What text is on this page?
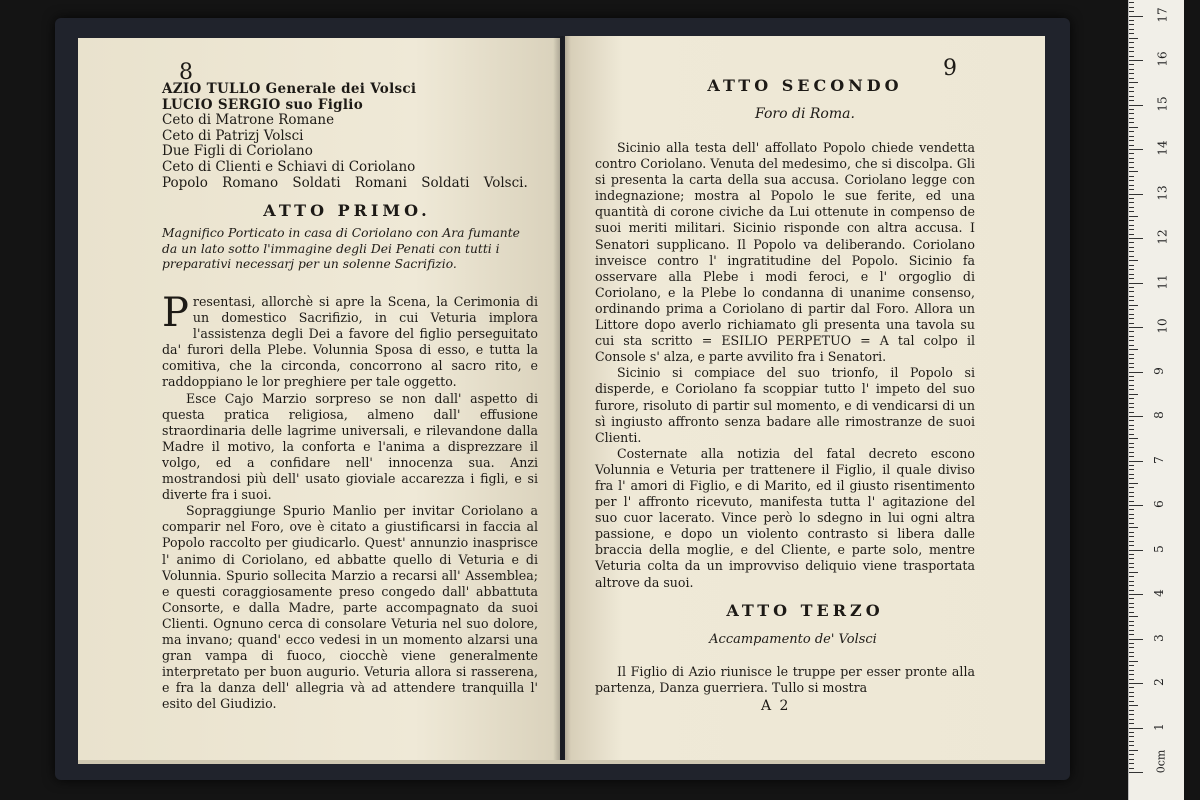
8
AZIO TULLO Generale dei Volsci
LUCIO SERGIO suo Figlio
Ceto di Matrone Romane
Ceto di Patrizj Volsci
Due Figli di Coriolano
Ceto di Clienti e Schiavi di Coriolano
Popolo Romano Soldati Romani Soldati Volsci.
ATTO PRIMO.
Magnifico Porticato in casa di Coriolano con Ara fumante da un lato sotto l'immagine degli Dei Penati con tutti i preparativi necessarj per un solenne Sacrifizio.

Presentasi, allorchè si apre la Scena, la Cerimonia di un domestico Sacrifizio, in cui Veturia implora l'assistenza degli Dei a favore del figlio perseguitato da' furori della Plebe. Volunnia Sposa di esso, e tutta la comitiva, che la circonda, concorrono al sacro rito, e raddoppiano le lor preghiere per tale oggetto.

Esce Cajo Marzio sorpreso se non dall' aspetto di questa pratica religiosa, almeno dall' effusione straordinaria delle lagrime universali, e rilevandone dalla Madre il motivo, la conforta e l'anima a disprezzare il volgo, ed a confidare nell' innocenza sua. Anzi mostrandosi più dell' usato gioviale accarezza i figli, e si diverte fra i suoi.

Sopraggiunge Spurio Manlio per invitar Coriolano a comparir nel Foro, ove è citato a giustificarsi in faccia al Popolo raccolto per giudicarlo. Quest' annunzio inasprisce l' animo di Coriolano, ed abbatte quello di Veturia e di Volunnia. Spurio sollecita Marzio a recarsi all' Assemblea; e questi coraggiosamente preso congedo dall' abbattuta Consorte, e dalla Madre, parte accompagnato da suoi Clienti. Ognuno cerca di consolare Veturia nel suo dolore, ma invano; quand' ecco vedesi in un momento alzarsi una gran vampa di fuoco, ciocchè viene generalmente interpretato per buon augurio. Veturia allora si rasserena, e fra la danza dell' allegria và ad attendere tranquilla l' esito del Giudizio.

9
ATTO SECONDO
Foro di Roma.

Sicinio alla testa dell' affollato Popolo chiede vendetta contro Coriolano. Venuta del medesimo, che si discolpa. Gli si presenta la carta della sua accusa. Coriolano legge con indegnazione; mostra al Popolo le sue ferite, ed una quantità di corone civiche da Lui ottenute in compenso de suoi meriti militari. Sicinio risponde con altra accusa. I Senatori supplicano. Il Popolo va deliberando. Coriolano inveisce contro l' ingratitudine del Popolo. Sicinio fa osservare alla Plebe i modi feroci, e l' orgoglio di Coriolano, e la Plebe lo condanna di unanime consenso, ordinando prima a Coriolano di partir dal Foro. Allora un Littore dopo averlo richiamato gli presenta una tavola su cui sta scritto = ESILIO PERPETUO = A tal colpo il Console s' alza, e parte avvilito fra i Senatori.

Sicinio si compiace del suo trionfo, il Popolo si disperde, e Coriolano fa scoppiar tutto l' impeto del suo furore, risoluto di partir sul momento, e di vendicarsi di un sì ingiusto affronto senza badare alle rimostranze de suoi Clienti.

Costernate alla notizia del fatal decreto escono Volunnia e Veturia per trattenere il Figlio, il quale diviso fra l' amori di Figlio, e di Marito, ed il giusto risentimento per l' affronto ricevuto, manifesta tutta l' agitazione del suo cuor lacerato. Vince però lo sdegno in lui ogni altra passione, e dopo un violento contrasto si libera dalle braccia della moglie, e del Cliente, e parte solo, mentre Veturia colta da un improvviso deliquio viene trasportata altrove da suoi.

ATTO TERZO
Accampamento de' Volsci

Il Figlio di Azio riunisce le truppe per esser pronte alla partenza, Danza guerriera. Tullo si mostra

A 2
0cm
1
2
3
4
5
6
7
8
9
10
11
12
13
14
15
16
17
